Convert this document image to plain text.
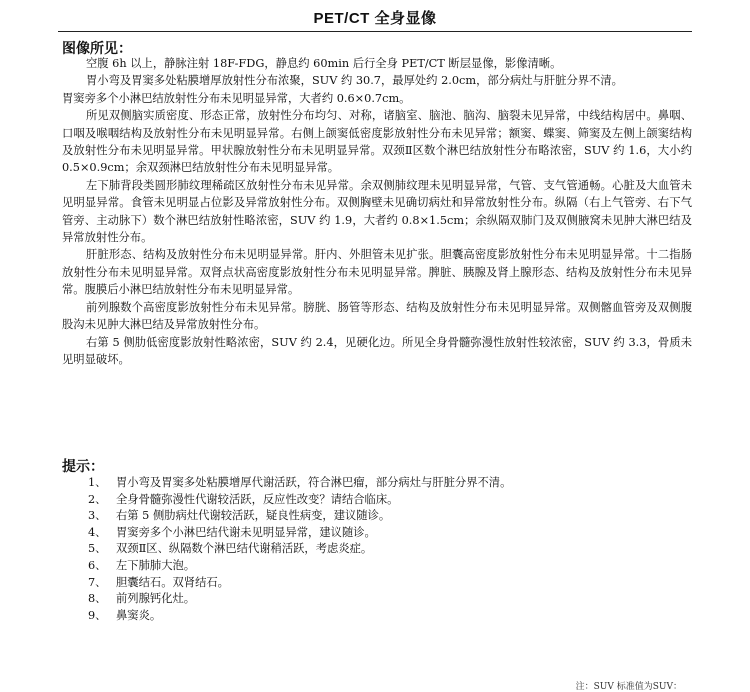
PET/CT 全身显像
图像所见：

空腹 6h 以上，静脉注射 18F-FDG，静息约 60min 后行全身 PET/CT 断层显像，影像清晰。

胃小弯及胃窦多处粘膜增厚放射性分布浓聚，SUV 约 30.7，最厚处约 2.0cm，部分病灶与肝脏分界不清。

胃窦旁多个小淋巴结放射性分布未见明显异常，大者约 0.6×0.7cm。

所见双侧脑实质密度、形态正常，放射性分布均匀、对称，诸脑室、脑池、脑沟、脑裂未见异常，中线结构居中。鼻咽、口咽及喉咽结构及放射性分布未见明显异常。右侧上颌窦低密度影放射性分布未见异常；额窦、蝶窦、筛窦及左侧上颌窦结构及放射性分布未见明显异常。甲状腺放射性分布未见明显异常。双颈Ⅱ区数个淋巴结放射性分布略浓密，SUV 约 1.6，大小约 0.5×0.9cm；余双颈淋巴结放射性分布未见明显异常。

左下肺背段类圆形肺纹理稀疏区放射性分布未见异常。余双侧肺纹理未见明显异常，气管、支气管通畅。心脏及大血管未见明显异常。食管未见明显占位影及异常放射性分布。双侧胸壁未见确切病灶和异常放射性分布。纵隔（右上气管旁、右下气管旁、主动脉下）数个淋巴结放射性略浓密，SUV 约 1.9，大者约 0.8×1.5cm；余纵隔双肺门及双侧腋窝未见肿大淋巴结及异常放射性分布。

肝脏形态、结构及放射性分布未见明显异常。肝内、外胆管未见扩张。胆囊高密度影放射性分布未见明显异常。十二指肠放射性分布未见明显异常。双肾点状高密度影放射性分布未见明显异常。脾脏、胰腺及肾上腺形态、结构及放射性分布未见异常。腹膜后小淋巴结放射性分布未见明显异常。

前列腺数个高密度影放射性分布未见异常。膀胱、肠管等形态、结构及放射性分布未见明显异常。双侧髂血管旁及双侧腹股沟未见肿大淋巴结及异常放射性分布。

右第 5 侧肋低密度影放射性略浓密，SUV 约 2.4，见硬化边。所见全身骨髓弥漫性放射性较浓密，SUV 约 3.3，骨质未见明显破坏。

提示：
1、 胃小弯及胃窦多处粘膜增厚代谢活跃，符合淋巴瘤，部分病灶与肝脏分界不清。
2、 全身骨髓弥漫性代谢较活跃，反应性改变？请结合临床。
3、 右第 5 侧肋病灶代谢较活跃，疑良性病变，建议随诊。
4、 胃窦旁多个小淋巴结代谢未见明显异常，建议随诊。
5、 双颈Ⅱ区、纵隔数个淋巴结代谢稍活跃，考虑炎症。
6、 左下肺肺大泡。
7、 胆囊结石。双肾结石。
8、 前列腺钙化灶。
9、 鼻窦炎。
注：SUV 标准值为SUV：
